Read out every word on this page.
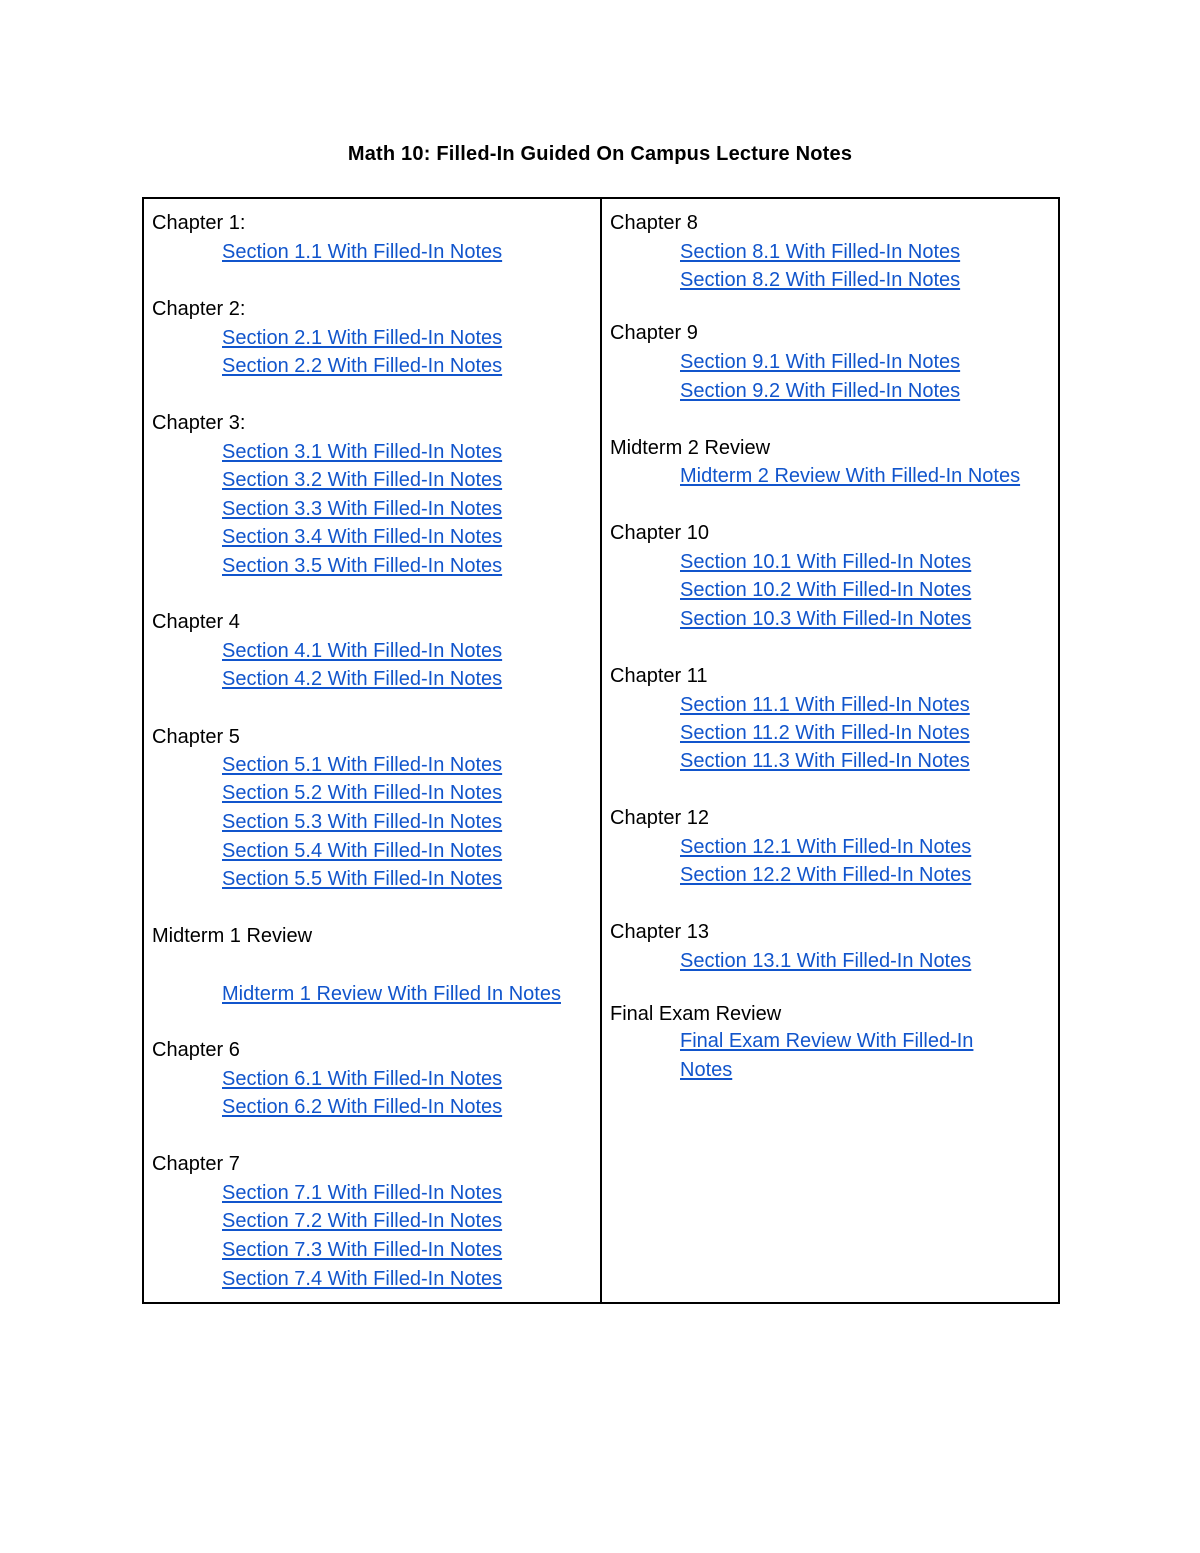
Math 10: Filled-In Guided On Campus Lecture Notes
Chapter 1:
Section 1.1 With Filled-In Notes
Chapter 2:
Section 2.1 With Filled-In Notes
Section 2.2 With Filled-In Notes
Chapter 3:
Section 3.1 With Filled-In Notes
Section 3.2 With Filled-In Notes
Section 3.3 With Filled-In Notes
Section 3.4 With Filled-In Notes
Section 3.5 With Filled-In Notes
Chapter 4
Section 4.1 With Filled-In Notes
Section 4.2 With Filled-In Notes
Chapter 5
Section 5.1 With Filled-In Notes
Section 5.2 With Filled-In Notes
Section 5.3 With Filled-In Notes
Section 5.4 With Filled-In Notes
Section 5.5 With Filled-In Notes
Midterm 1 Review
Midterm 1 Review With Filled In Notes
Chapter 6
Section 6.1 With Filled-In Notes
Section 6.2 With Filled-In Notes
Chapter 7
Section 7.1 With Filled-In Notes
Section 7.2 With Filled-In Notes
Section 7.3 With Filled-In Notes
Section 7.4 With Filled-In Notes
Chapter 8
Section 8.1 With Filled-In Notes
Section 8.2 With Filled-In Notes
Chapter 9
Section 9.1 With Filled-In Notes
Section 9.2 With Filled-In Notes
Midterm 2 Review
Midterm 2 Review With Filled-In Notes
Chapter 10
Section 10.1 With Filled-In Notes
Section 10.2 With Filled-In Notes
Section 10.3 With Filled-In Notes
Chapter 11
Section 11.1 With Filled-In Notes
Section 11.2 With Filled-In Notes
Section 11.3 With Filled-In Notes
Chapter 12
Section 12.1 With Filled-In Notes
Section 12.2 With Filled-In Notes
Chapter 13
Section 13.1 With Filled-In Notes
Final Exam Review
Final Exam Review With Filled-In Notes
